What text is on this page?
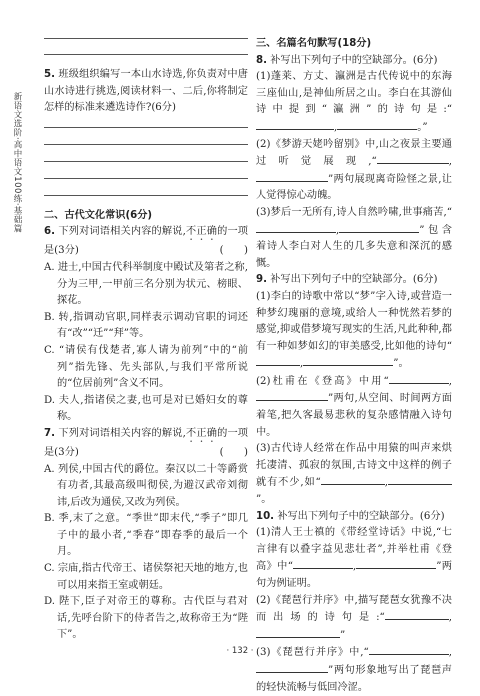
新语文选阶·高中语文100练·基础篇

5. 班级组织编写一本山水诗选,你负责对中唐山水诗进行挑选,阅读材料一、二后,你将制定怎样的标准来遴选诗作?(6分)

二、古代文化常识(6分)

6. 下列对词语相关内容的解说,不正确的一项是(3分)	(　　)

A. 进士,中国古代科举制度中殿试及第者之称,分为三甲,一甲前三名分别为状元、榜眼、探花。

B. 转,指调动官职,同样表示调动官职的词还有“改”“迁”“拜”等。

C. “请侯有伐楚者,寡人请为前列”中的“前列”指先锋、先头部队,与我们平常所说的“位居前列”含义不同。

D. 夫人,指诸侯之妻,也可是对已婚妇女的尊称。

7. 下列对词语相关内容的解说,不正确的一项是(3分)	(　　)

A. 列侯,中国古代的爵位。秦汉以二十等爵赏有功者,其最高级叫彻侯,为避汉武帝刘彻讳,后改为通侯,又改为列侯。

B. 季,末了之意。“季世”即末代,“季子”即几子中的最小者,“季春”即春季的最后一个月。

C. 宗庙,指古代帝王、诸侯祭祀天地的地方,也可以用来指王室或朝廷。

D. 陛下,臣子对帝王的尊称。古代臣与君对话,先呼台阶下的侍者告之,故称帝王为“陛下”。

三、名篇名句默写(18分)

8. 补写出下列句子中的空缺部分。(6分)

(1)蓬莱、方丈、瀛洲是古代传说中的东海三座仙山,是神仙所居之山。李白在其游仙诗中提到“瀛洲”的诗句是:“,	。”

(2)《梦游天姥吟留别》中,山之夜景主要通过听觉展现,“	,”两句展现离奇险怪之景,让人觉得惊心动魄。

(3)梦后一无所有,诗人自然吟啸,世事痛苦,“,	”包含着诗人李白对人生的几多失意和深沉的感慨。

9. 补写出下列句子中的空缺部分。(6分)

(1)李白的诗歌中常以“梦”字入诗,或营造一种梦幻瑰丽的意境,或给人一种恍然若梦的感觉,抑或借梦境写现实的生活,凡此种种,都有一种如梦如幻的审美感受,比如他的诗句“,	”。

(2)杜甫在《登高》中用“	,”两句,从空间、时间两方面着笔,把久客最易悲秋的复杂感情融入诗句中。

(3)古代诗人经常在作品中用猿的叫声来烘托凄清、孤寂的氛围,古诗文中这样的例子就有不少,如“	,”。

10. 补写出下列句子中的空缺部分。(6分)

(1)清人王士禛的《带经堂诗话》中说,“七言律有以叠字益见悲壮者”,并举杜甫《登高》中“	,	”两句为例证明。

(2)《琵琶行并序》中,描写琵琶女犹豫不决而出场的诗句是:“	,”

(3)《琵琶行并序》中,“	,”两句形象地写出了琵琶声的轻快流畅与低回冷涩。

· 132 ·
